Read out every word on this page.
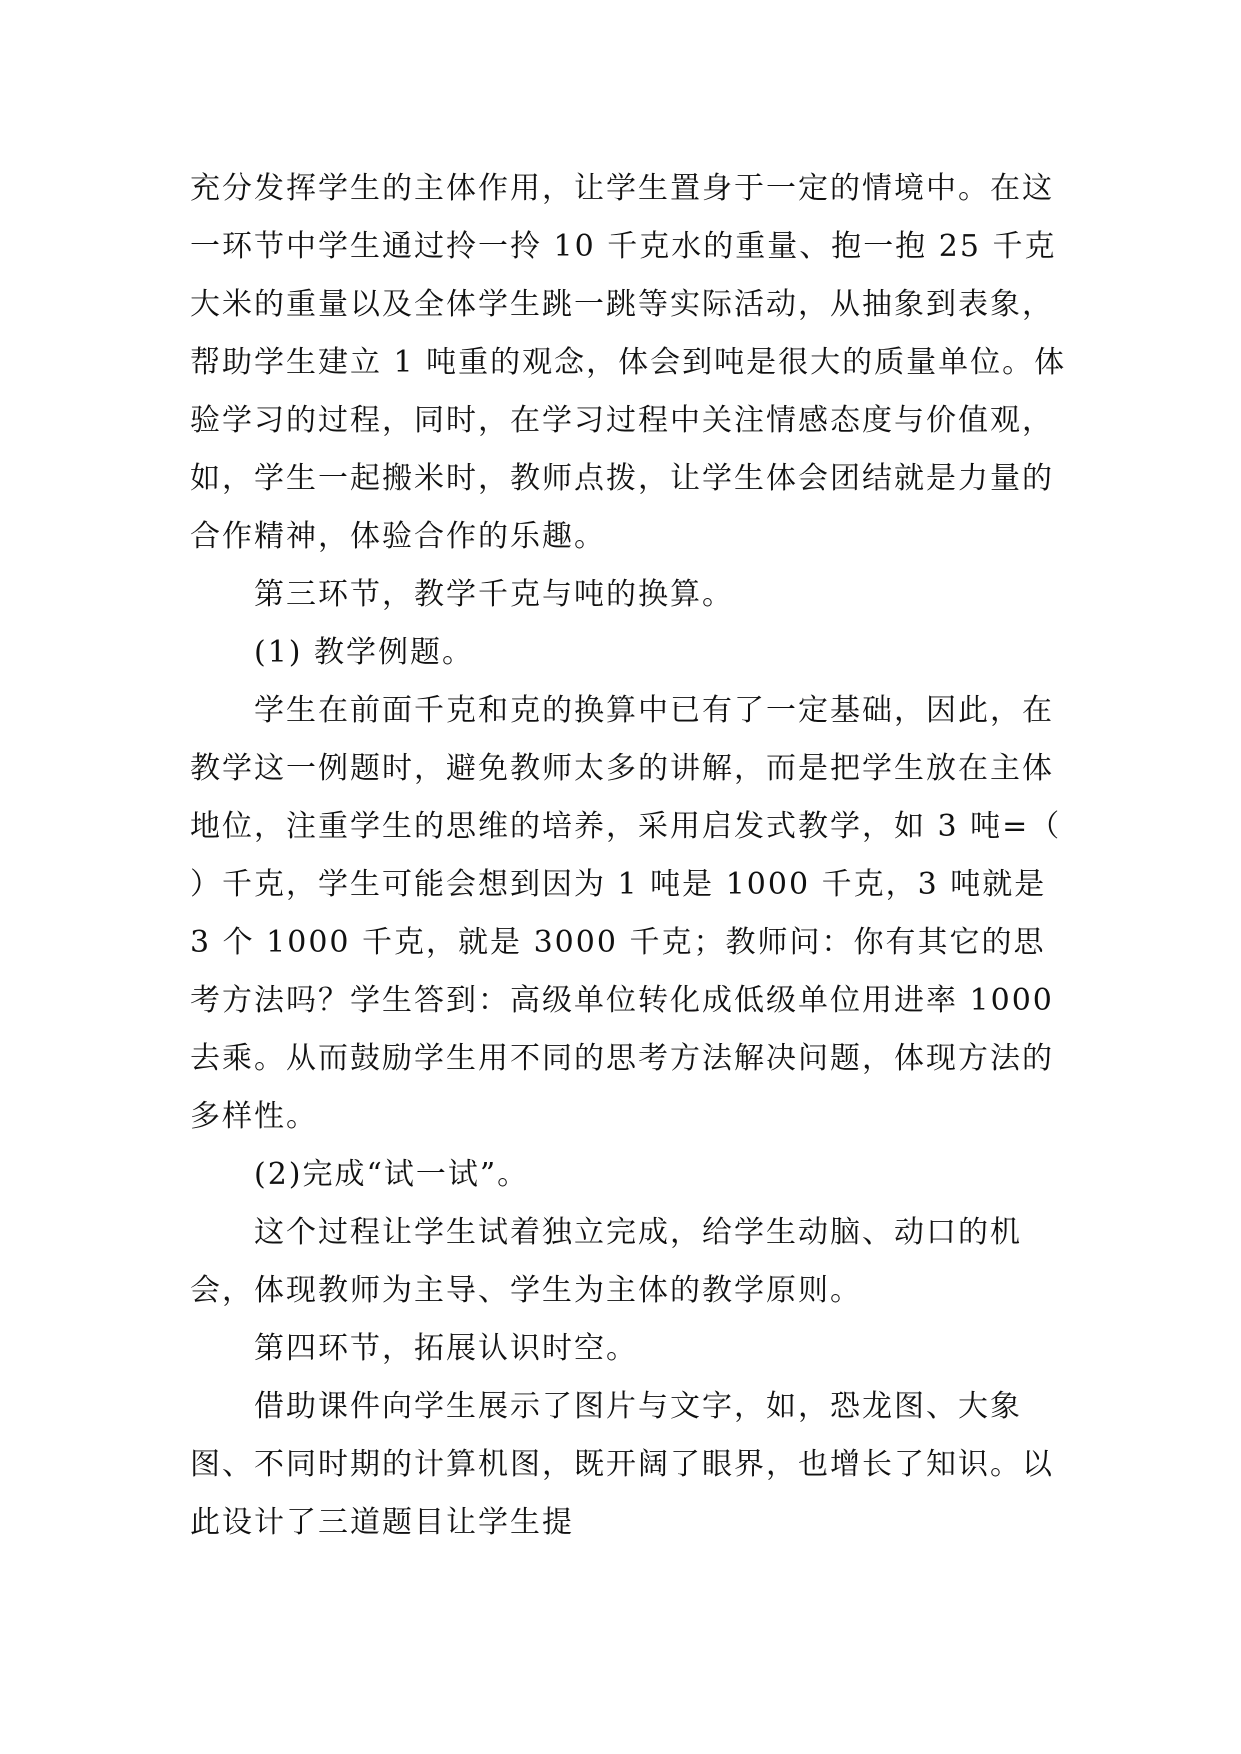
充分发挥学生的主体作用，让学生置身于一定的情境中。在这一环节中学生通过拎一拎 10 千克水的重量、抱一抱 25 千克大米的重量以及全体学生跳一跳等实际活动，从抽象到表象，帮助学生建立 1 吨重的观念，体会到吨是很大的质量单位。体验学习的过程，同时，在学习过程中关注情感态度与价值观，如，学生一起搬米时，教师点拨，让学生体会团结就是力量的合作精神，体验合作的乐趣。

第三环节，教学千克与吨的换算。

(1) 教学例题。

学生在前面千克和克的换算中已有了一定基础，因此，在教学这一例题时，避免教师太多的讲解，而是把学生放在主体地位，注重学生的思维的培养，采用启发式教学，如 3 吨=（ ）千克，学生可能会想到因为 1 吨是 1000 千克，3 吨就是 3 个 1000 千克，就是 3000 千克；教师问：你有其它的思考方法吗？学生答到：高级单位转化成低级单位用进率 1000 去乘。从而鼓励学生用不同的思考方法解决问题，体现方法的多样性。

(2)完成“试一试”。

这个过程让学生试着独立完成，给学生动脑、动口的机会，体现教师为主导、学生为主体的教学原则。

第四环节，拓展认识时空。

借助课件向学生展示了图片与文字，如，恐龙图、大象图、不同时期的计算机图，既开阔了眼界，也增长了知识。以此设计了三道题目让学生提
